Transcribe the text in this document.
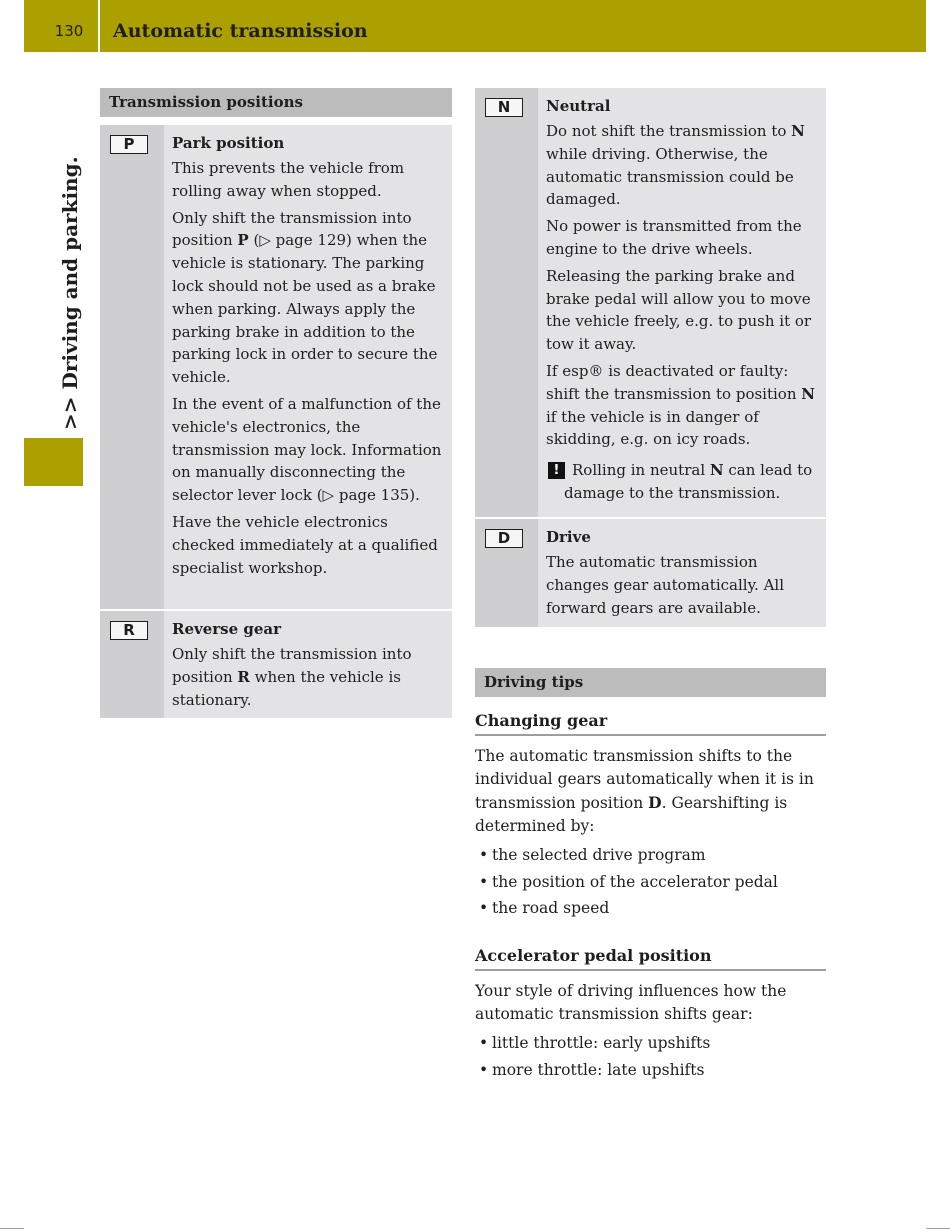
130	Automatic transmission
>> Driving and parking.
Transmission positions
P	Park position

This prevents the vehicle from rolling away when stopped.

Only shift the transmission into position P (▷ page 129) when the vehicle is stationary. The parking lock should not be used as a brake when parking. Always apply the parking brake in addition to the parking lock in order to secure the vehicle.

In the event of a malfunction of the vehicle's electronics, the transmission may lock. Information on manually disconnecting the selector lever lock (▷ page 135).

Have the vehicle electronics checked immediately at a qualified specialist workshop.

R	Reverse gear

Only shift the transmission into position R when the vehicle is stationary.

N	Neutral

Do not shift the transmission to N while driving. Otherwise, the automatic transmission could be damaged.

No power is transmitted from the engine to the drive wheels.

Releasing the parking brake and brake pedal will allow you to move the vehicle freely, e.g. to push it or tow it away.

If esp® is deactivated or faulty: shift the transmission to position N if the vehicle is in danger of skidding, e.g. on icy roads.

! Rolling in neutral N can lead to damage to the transmission.

D	Drive

The automatic transmission changes gear automatically. All forward gears are available.

Driving tips
Changing gear

The automatic transmission shifts to the individual gears automatically when it is in transmission position D. Gearshifting is determined by:

• the selected drive program
• the position of the accelerator pedal
• the road speed
Accelerator pedal position

Your style of driving influences how the automatic transmission shifts gear:

• little throttle: early upshifts
• more throttle: late upshifts
